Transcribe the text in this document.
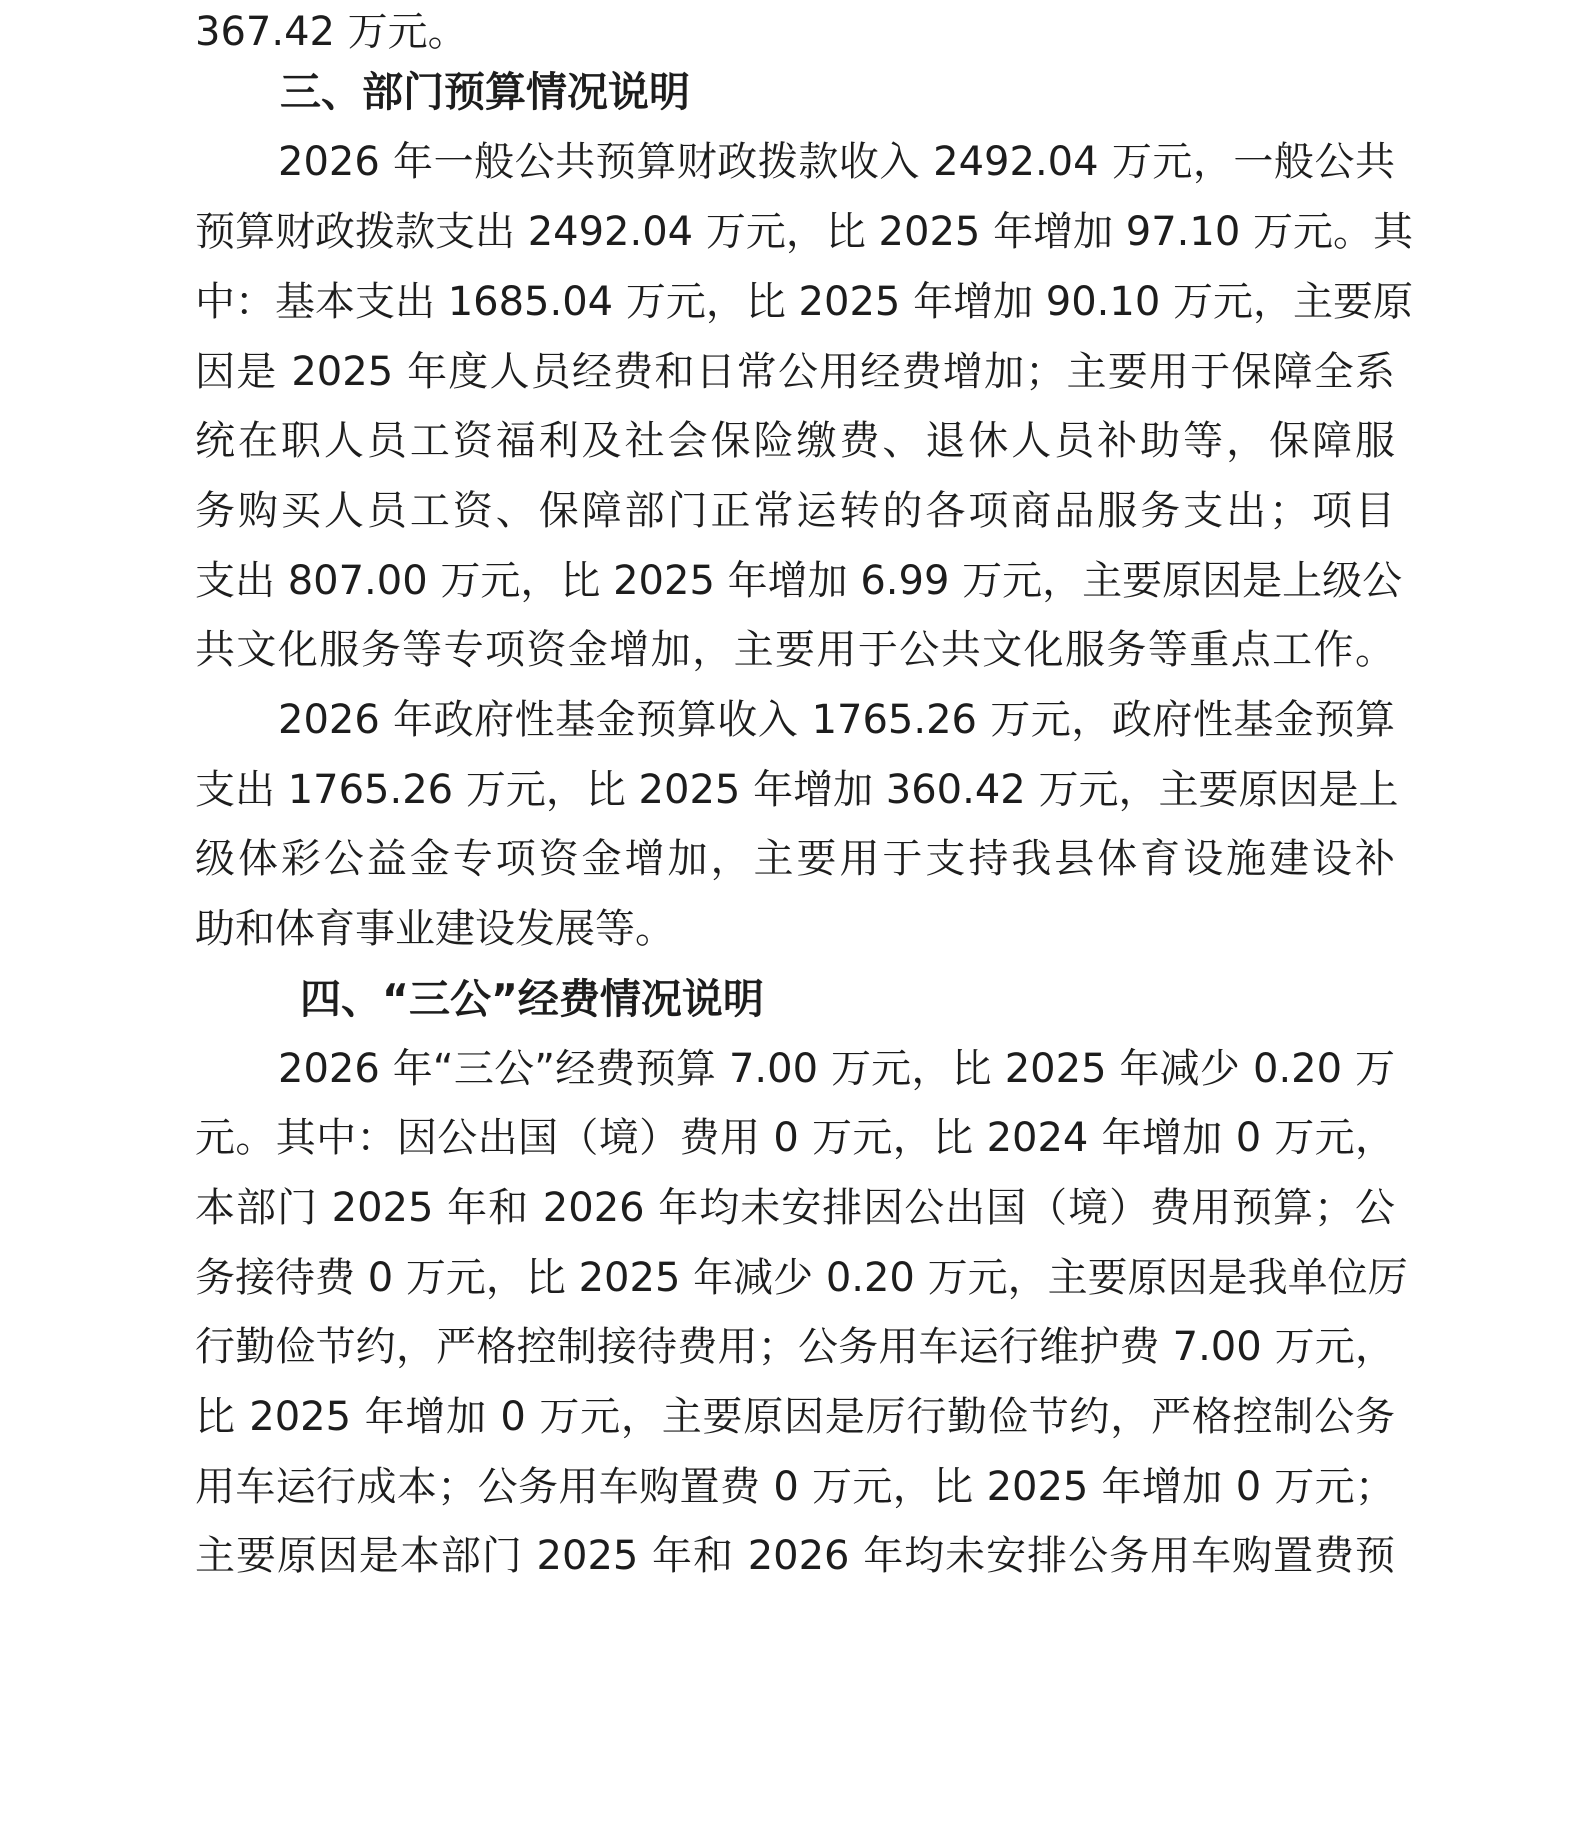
367.42 万元。
三、部门预算情况说明
2026 年一般公共预算财政拨款收入 2492.04 万元，一般公共
预算财政拨款支出 2492.04 万元，比 2025 年增加 97.10 万元。其
中：基本支出 1685.04 万元，比 2025 年增加 90.10 万元，主要原
因是 2025 年度人员经费和日常公用经费增加；主要用于保障全系
统在职人员工资福利及社会保险缴费、退休人员补助等，保障服
务购买人员工资、保障部门正常运转的各项商品服务支出；项目
支出 807.00 万元，比 2025 年增加 6.99 万元，主要原因是上级公
共文化服务等专项资金增加，主要用于公共文化服务等重点工作。
2026 年政府性基金预算收入 1765.26 万元，政府性基金预算
支出 1765.26 万元，比 2025 年增加 360.42 万元，主要原因是上
级体彩公益金专项资金增加，主要用于支持我县体育设施建设补
助和体育事业建设发展等。
四、“三公”经费情况说明
2026 年“三公”经费预算 7.00 万元，比 2025 年减少 0.20 万
元。其中：因公出国（境）费用 0 万元，比 2024 年增加 0 万元，
本部门 2025 年和 2026 年均未安排因公出国（境）费用预算；公
务接待费 0 万元，比 2025 年减少 0.20 万元，主要原因是我单位厉
行勤俭节约，严格控制接待费用；公务用车运行维护费 7.00 万元，
比 2025 年增加 0 万元，主要原因是厉行勤俭节约，严格控制公务
用车运行成本；公务用车购置费 0 万元，比 2025 年增加 0 万元；
主要原因是本部门 2025 年和 2026 年均未安排公务用车购置费预
